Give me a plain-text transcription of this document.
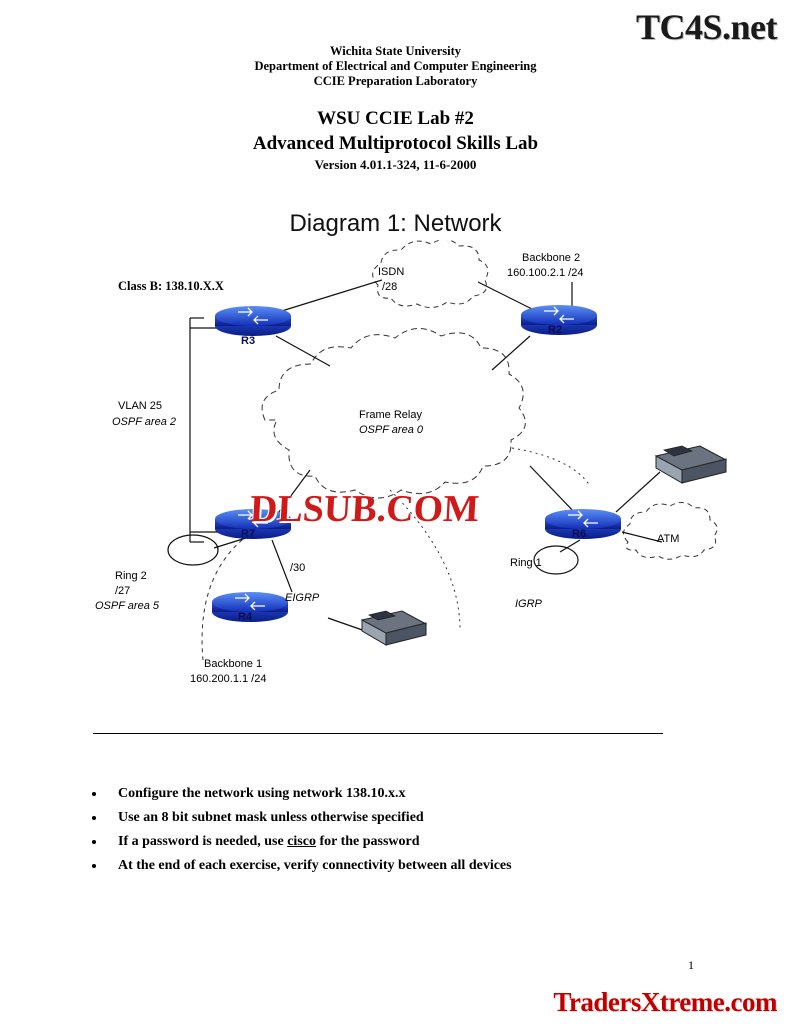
TC4S.net
TradersXtreme.com
Wichita State University
Department of Electrical and Computer Engineering
CCIE Preparation Laboratory
WSU CCIE Lab #2
Advanced Multiprotocol Skills Lab
Version 4.01.1-324, 11-6-2000
Diagram 1: Network
R3
R2
R7	R6
R4
ISDN
/28
Frame Relay
OSPF area 0
ATM
Class B: 138.10.X.X
Backbone 2
160.100.2.1 /24
VLAN 25
OSPF area 2
Ring 2
/27
OSPF area 5
/30
EIGRP	IGRP
Ring 1
Backbone 1
160.200.1.1 /24
DLSUB.COM
• Configure the network using network 138.10.x.x
• Use an 8 bit subnet mask unless otherwise specified
• If a password is needed, use cisco for the password
• At the end of each exercise, verify connectivity between all devices
1
